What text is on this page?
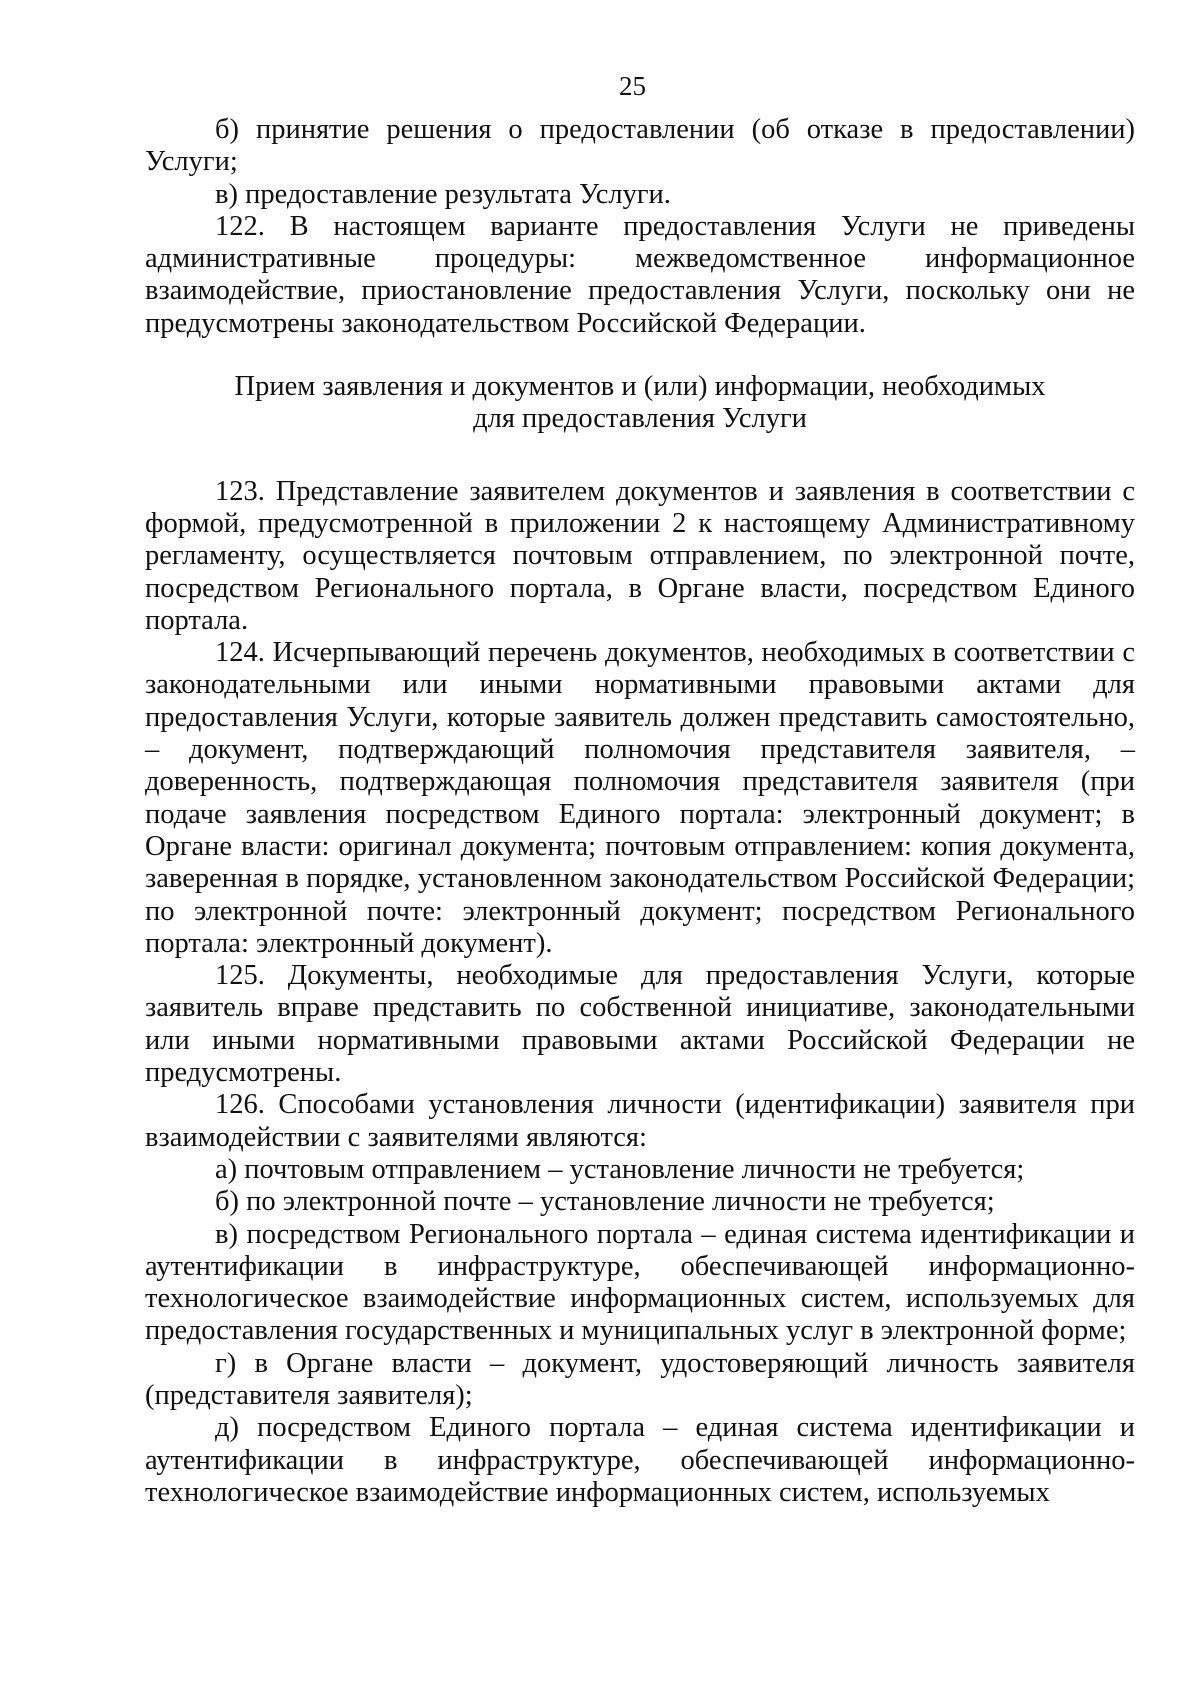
25

б) принятие решения о предоставлении (об отказе в предоставлении) Услуги;

в) предоставление результата Услуги.

122. В настоящем варианте предоставления Услуги не приведены административные процедуры: межведомственное информационное взаимодействие, приостановление предоставления Услуги, поскольку они не предусмотрены законодательством Российской Федерации.

Прием заявления и документов и (или) информации, необходимых

для предоставления Услуги

123. Представление заявителем документов и заявления в соответствии с формой, предусмотренной в приложении 2 к настоящему Административному регламенту, осуществляется почтовым отправлением, по электронной почте, посредством Регионального портала, в Органе власти, посредством Единого портала.

124. Исчерпывающий перечень документов, необходимых в соответствии с законодательными или иными нормативными правовыми актами для предоставления Услуги, которые заявитель должен представить самостоятельно, – документ, подтверждающий полномочия представителя заявителя, – доверенность, подтверждающая полномочия представителя заявителя (при подаче заявления посредством Единого портала: электронный документ; в Органе власти: оригинал документа; почтовым отправлением: копия документа, заверенная в порядке, установленном законодательством Российской Федерации; по электронной почте: электронный документ; посредством Регионального портала: электронный документ).

125. Документы, необходимые для предоставления Услуги, которые заявитель вправе представить по собственной инициативе, законодательными или иными нормативными правовыми актами Российской Федерации не предусмотрены.

126. Способами установления личности (идентификации) заявителя при взаимодействии с заявителями являются:

а) почтовым отправлением – установление личности не требуется;

б) по электронной почте – установление личности не требуется;

в) посредством Регионального портала – единая система идентификации и аутентификации в инфраструктуре, обеспечивающей информационно-технологическое взаимодействие информационных систем, используемых для предоставления государственных и муниципальных услуг в электронной форме;

г) в Органе власти – документ, удостоверяющий личность заявителя (представителя заявителя);

д) посредством Единого портала – единая система идентификации и аутентификации в инфраструктуре, обеспечивающей информационно-технологическое взаимодействие информационных систем, используемых
